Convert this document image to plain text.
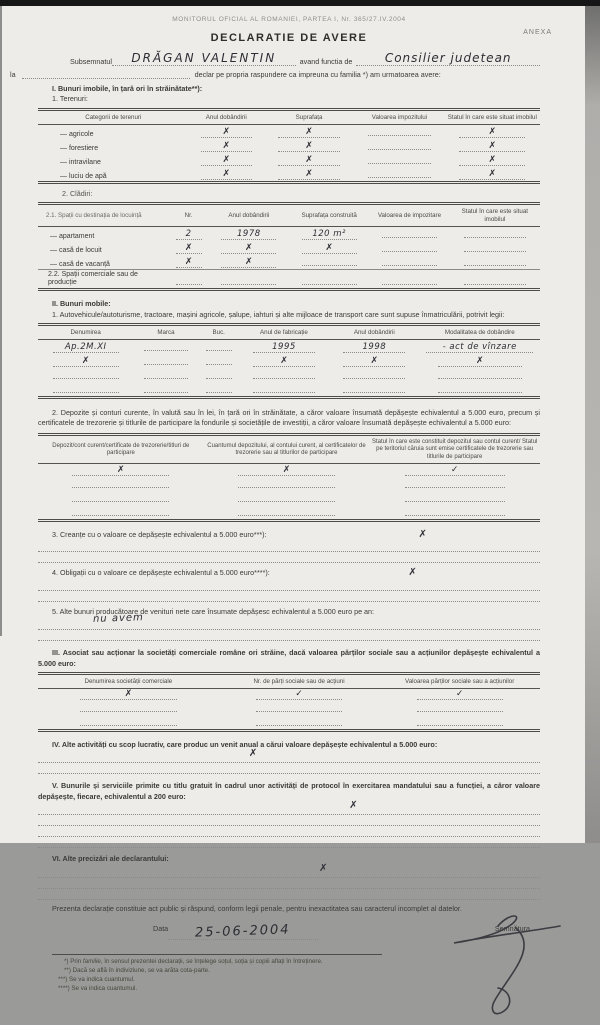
MONITORUL OFICIAL AL ROMANIEI, PARTEA I, Nr. 365/27.IV.2004
DECLARATIE DE AVERE	ANEXA
Subsemnatul	DRĂGAN VALENTIN	avand functia de	Consilier judetean
la	declar pe propria raspundere ca impreuna cu familia *) am urmatoarea avere:
I. Bunuri imobile, în țară ori în străinătate**):
1. Terenuri:
Categorii de terenuri	Anul dobândirii	Suprafața	Valoarea impozitului	Statul în care este situat imobilul
— agricole	✗	✗		✗
— forestiere	✗	✗		✗
— intravilane	✗	✗		✗
— luciu de apă	✗	✗		✗
2. Clădiri:
2.1. Spații cu destinația de locuință	Nr.	Anul dobândirii	Suprafața construită	Valoarea de impozitare	Statul în care este situat imobilul
— apartament	2	1978	120 m²		
— casă de locuit	✗	✗	✗		
— casă de vacanță	✗	✗			
2.2. Spații comerciale sau de producție					
II. Bunuri mobile:
1. Autovehicule/autoturisme, tractoare, mașini agricole, șalupe, iahturi și alte mijloace de transport care sunt supuse înmatriculării, potrivit legii:
Denumirea	Marca	Buc.	Anul de fabricație	Anul dobândirii	Modalitatea de dobândire
Ap.2M.XI			1995	1998	- act de vînzare
✗			✗	✗	✗

2. Depozite și conturi curente, în valută sau în lei, în țară ori în străinătate, a căror valoare însumată depășește echivalentul a 5.000 euro, precum și certificatele de trezorerie și titlurile de participare la fondurile și societățile de investiții, a căror valoare însumată depășește echivalentul a 5.000 euro:
Depozit/cont curent/certificate de trezorerie/titluri de participare	Cuantumul depozitului, al contului curent, al certificatelor de trezorerie sau al titlurilor de participare	Statul în care este constituit depozitul sau contul curent/ Statul pe teritoriul căruia sunt emise certificatele de trezorerie sau titlurile de participare
✗	✗	✓

3. Creanțe cu o valoare ce depășește echivalentul a 5.000 euro***):	✗
4. Obligații cu o valoare ce depășește echivalentul a 5.000 euro****):	✗
5. Alte bunuri producătoare de venituri nete care însumate depășesc echivalentul a 5.000 euro pe an:
nu avem
III. Asociat sau acționar la societăți comerciale române ori străine, dacă valoarea părților sociale sau a acțiunilor depășește echivalentul a 5.000 euro:
Denumirea societății comerciale	Nr. de părți sociale sau de acțiuni	Valoarea părților sociale sau a acțiunilor
✗	✓	✓

IV. Alte activități cu scop lucrativ, care produc un venit anual a cărui valoare depășește echivalentul a 5.000 euro:
✗
V. Bunurile și serviciile primite cu titlu gratuit în cadrul unor activități de protocol în exercitarea mandatului sau a funcției, a căror valoare depășește, fiecare, echivalentul a 200 euro:
✗
VI. Alte precizări ale declarantului:
✗
Prezenta declarație constituie act public și răspund, conform legii penale, pentru inexactitatea sau caracterul incomplet al datelor.
Data	25-06-2004	Semnătura
*) Prin familie, în sensul prezentei declarații, se înțelege soțul, soția și copiii aflați în întreținere.
**) Dacă se află în indiviziune, se va arăta cota-parte.
***) Se va indica cuantumul.
****) Se va indica cuantumul.
